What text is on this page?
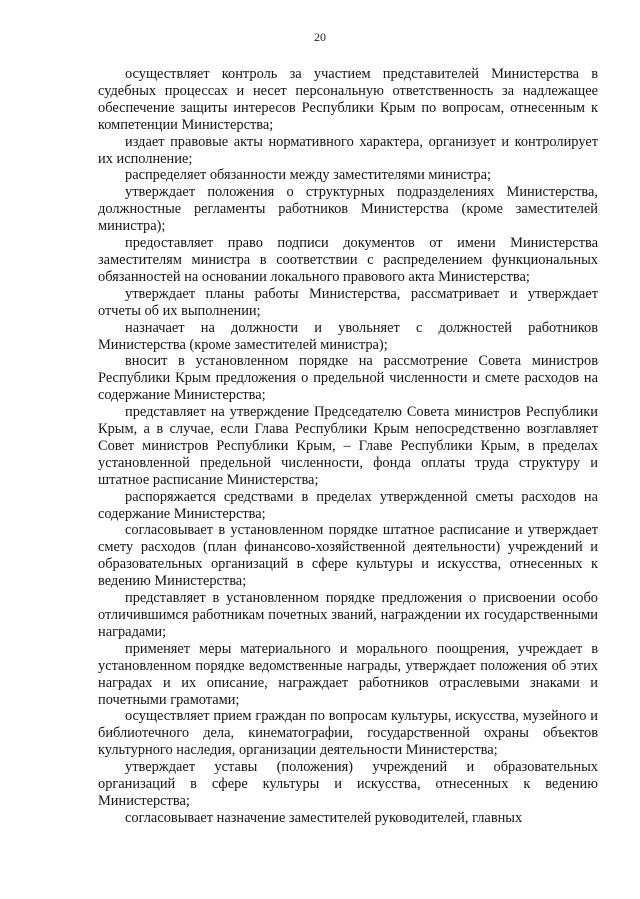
20

осуществляет контроль за участием представителей Министерства в судебных процессах и несет персональную ответственность за надлежащее обеспечение защиты интересов Республики Крым по вопросам, отнесенным к компетенции Министерства;

издает правовые акты нормативного характера, организует и контролирует их исполнение;

распределяет обязанности между заместителями министра;

утверждает положения о структурных подразделениях Министерства, должностные регламенты работников Министерства (кроме заместителей министра);

предоставляет право подписи документов от имени Министерства заместителям министра в соответствии с распределением функциональных обязанностей на основании локального правового акта Министерства;

утверждает планы работы Министерства, рассматривает и утверждает отчеты об их выполнении;

назначает на должности и увольняет с должностей работников Министерства (кроме заместителей министра);

вносит в установленном порядке на рассмотрение Совета министров Республики Крым предложения о предельной численности и смете расходов на содержание Министерства;

представляет на утверждение Председателю Совета министров Республики Крым, а в случае, если Глава Республики Крым непосредственно возглавляет Совет министров Республики Крым, – Главе Республики Крым, в пределах установленной предельной численности, фонда оплаты труда структуру и штатное расписание Министерства;

распоряжается средствами в пределах утвержденной сметы расходов на содержание Министерства;

согласовывает в установленном порядке штатное расписание и утверждает смету расходов (план финансово-хозяйственной деятельности) учреждений и образовательных организаций в сфере культуры и искусства, отнесенных к ведению Министерства;

представляет в установленном порядке предложения о присвоении особо отличившимся работникам почетных званий, награждении их государственными наградами;

применяет меры материального и морального поощрения, учреждает в установленном порядке ведомственные награды, утверждает положения об этих наградах и их описание, награждает работников отраслевыми знаками и почетными грамотами;

осуществляет прием граждан по вопросам культуры, искусства, музейного и библиотечного дела, кинематографии, государственной охраны объектов культурного наследия, организации деятельности Министерства;

утверждает уставы (положения) учреждений и образовательных организаций в сфере культуры и искусства, отнесенных к ведению Министерства;

согласовывает назначение заместителей руководителей, главных
